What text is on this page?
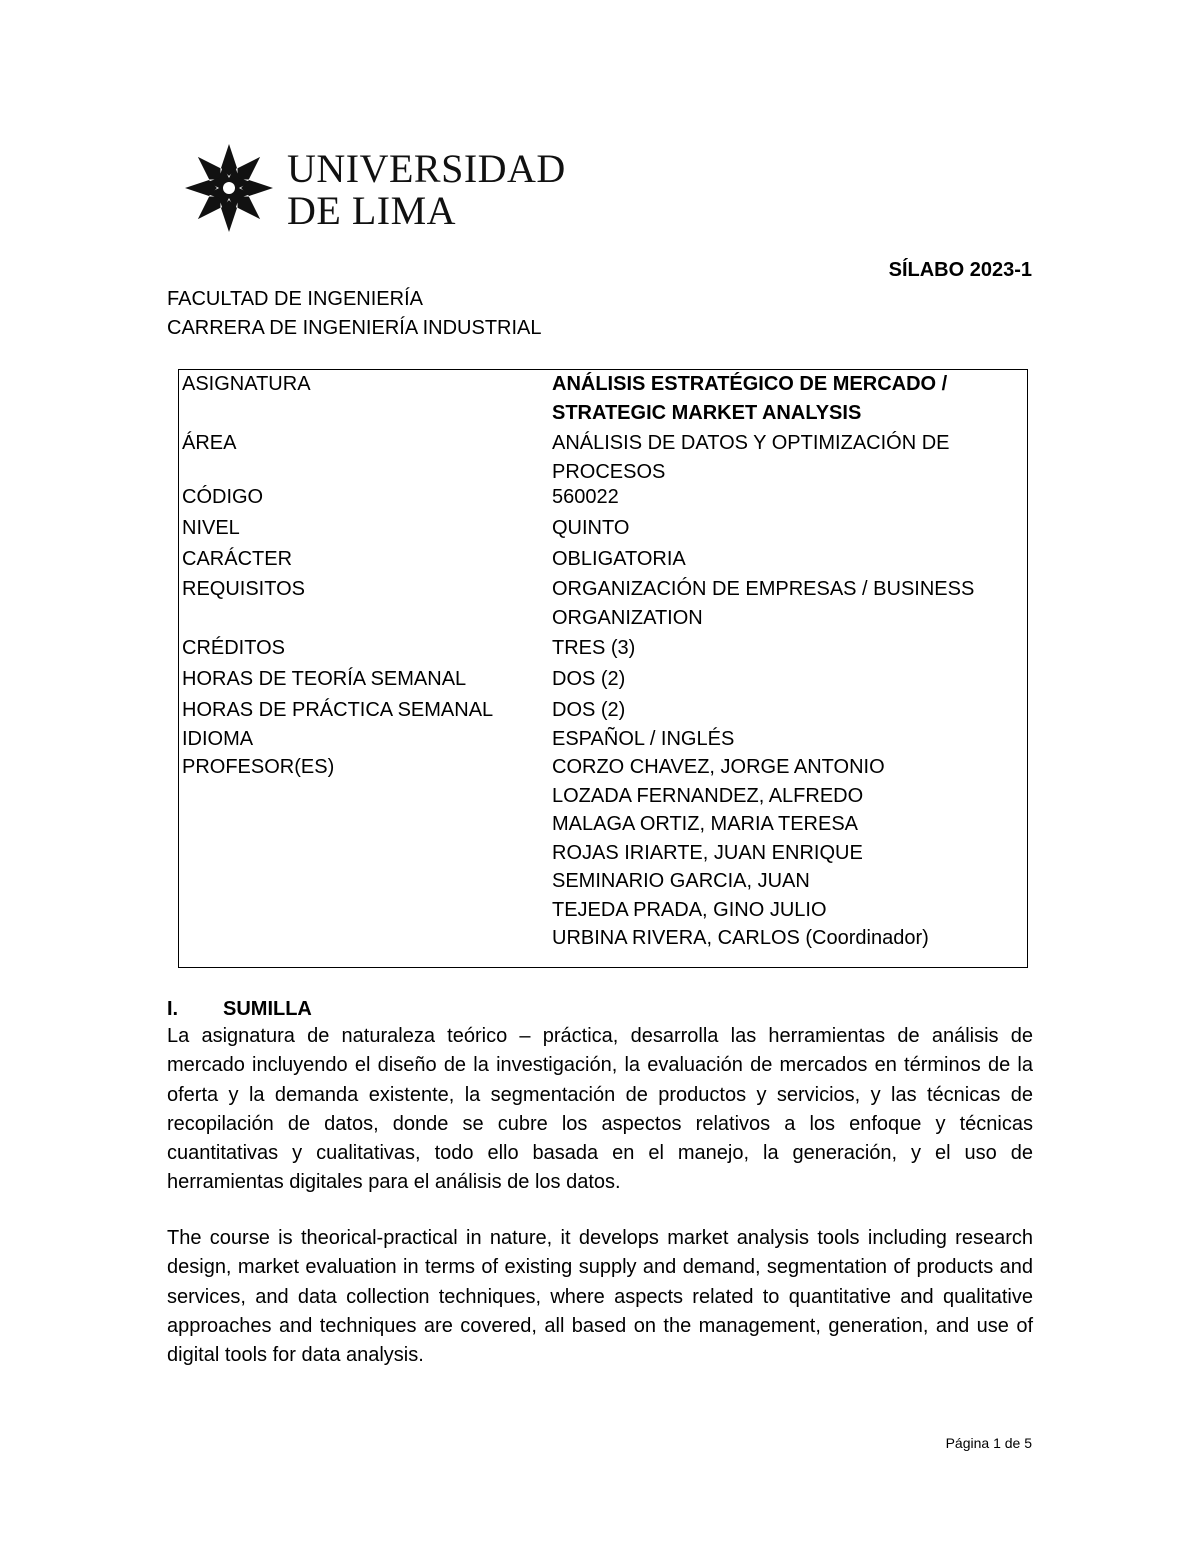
UNIVERSIDAD
DE LIMA
SÍLABO 2023-1
FACULTAD DE INGENIERÍA
CARRERA DE INGENIERÍA INDUSTRIAL
ASIGNATURA	ANÁLISIS ESTRATÉGICO DE MERCADO /
STRATEGIC MARKET ANALYSIS
ÁREA	ANÁLISIS DE DATOS Y OPTIMIZACIÓN DE
PROCESOS
CÓDIGO	560022
NIVEL	QUINTO
CARÁCTER	OBLIGATORIA
REQUISITOS	ORGANIZACIÓN DE EMPRESAS / BUSINESS
ORGANIZATION
CRÉDITOS	TRES (3)
HORAS DE TEORÍA SEMANAL	DOS (2)
HORAS DE PRÁCTICA SEMANAL	DOS (2)
IDIOMA	ESPAÑOL / INGLÉS
PROFESOR(ES)	CORZO CHAVEZ, JORGE ANTONIO
LOZADA FERNANDEZ, ALFREDO
MALAGA ORTIZ, MARIA TERESA
ROJAS IRIARTE, JUAN ENRIQUE
SEMINARIO GARCIA, JUAN
TEJEDA PRADA, GINO JULIO
URBINA RIVERA, CARLOS (Coordinador)
I. SUMILLA
La asignatura de naturaleza teórico – práctica, desarrolla las herramientas de análisis de mercado incluyendo el diseño de la investigación, la evaluación de mercados en términos de la oferta y la demanda existente, la segmentación de productos y servicios, y las técnicas de recopilación de datos, donde se cubre los aspectos relativos a los enfoque y técnicas cuantitativas y cualitativas, todo ello basada en el manejo, la generación, y el uso de herramientas digitales para el análisis de los datos.
The course is theorical-practical in nature, it develops market analysis tools including research design, market evaluation in terms of existing supply and demand, segmentation of products and services, and data collection techniques, where aspects related to quantitative and qualitative approaches and techniques are covered, all based on the management, generation, and use of digital tools for data analysis.
Página 1 de 5
